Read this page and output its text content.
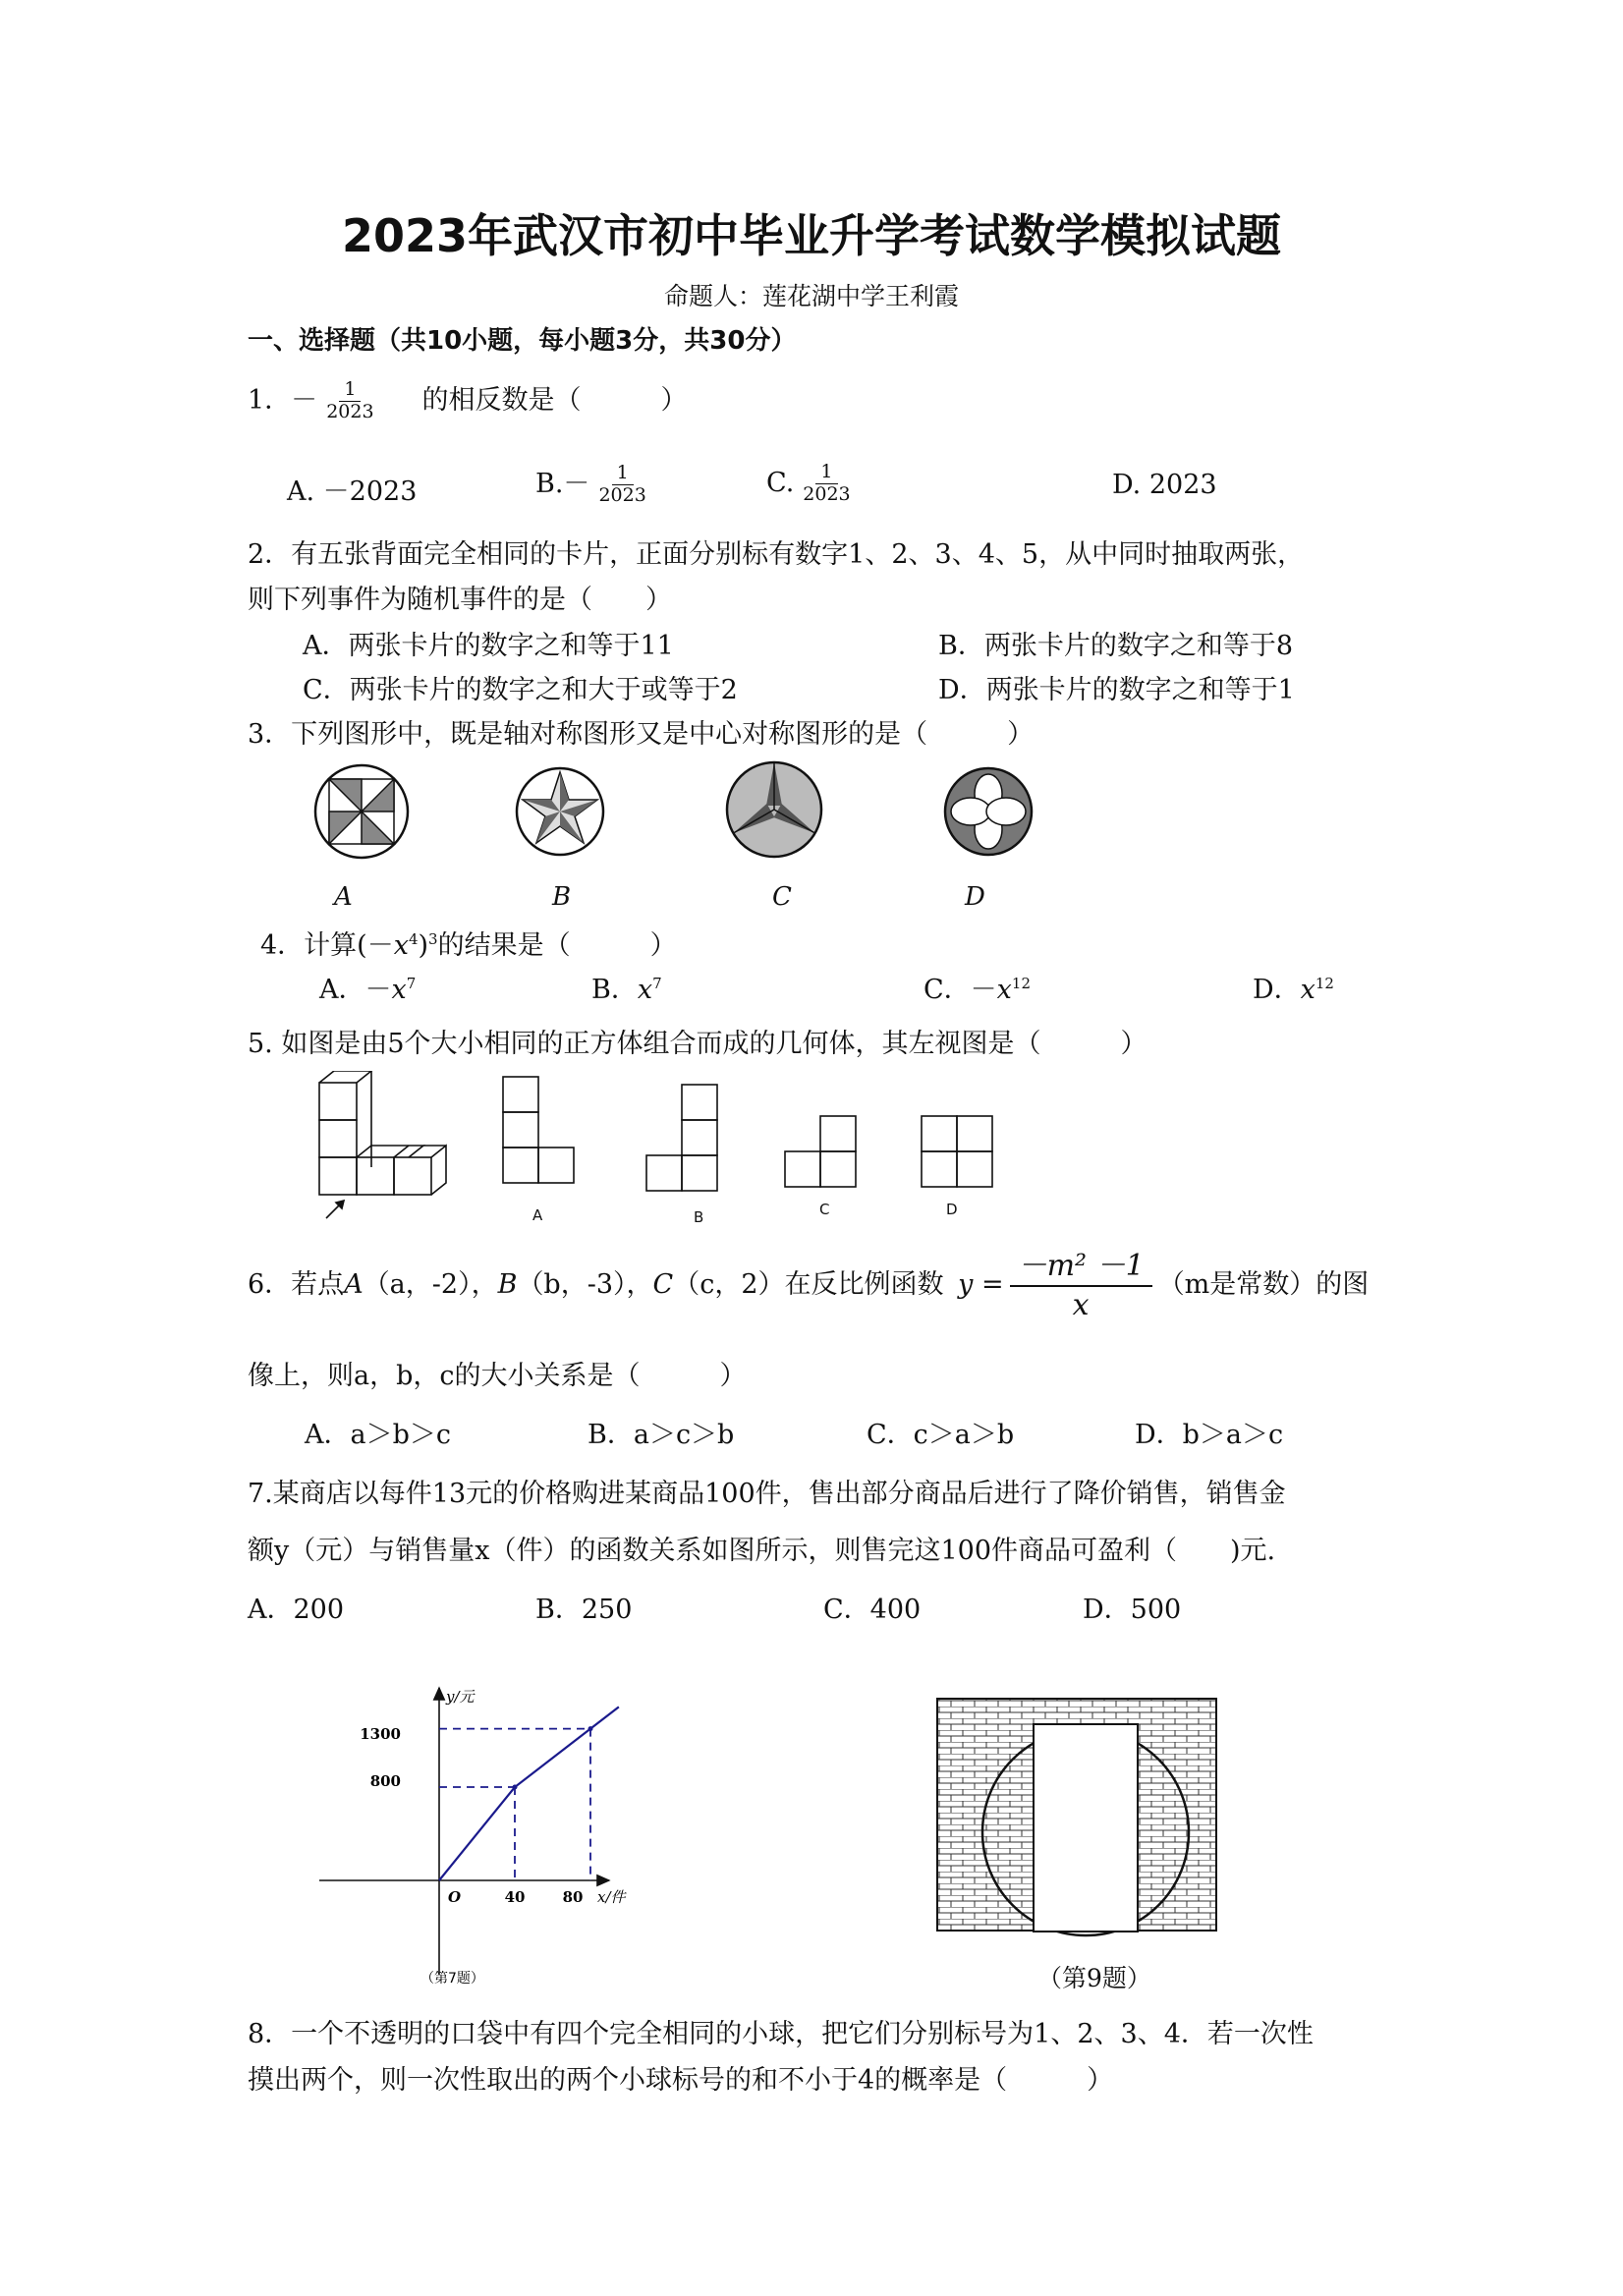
2023年武汉市初中毕业升学考试数学模拟试题
命题人：莲花湖中学王利霞
一、选择题（共10小题，每小题3分，共30分）
1．－ $\frac{1}{2023}$ 的相反数是（　　　）
A. －2023	$B.- \frac{1}{2023}$	C. $\frac{1}{2023}$	D. 2023
2．有五张背面完全相同的卡片，正面分别标有数字1、2、3、4、5，从中同时抽取两张，
则下列事件为随机事件的是（　　）
A．两张卡片的数字之和等于11	B．两张卡片的数字之和等于8
C．两张卡片的数字之和大于或等于2	D．两张卡片的数字之和等于1
3．下列图形中，既是轴对称图形又是中心对称图形的是（　　　）
A	B	C	D
4．计算$(-x^4)^3$的结果是（　　　）
A．$-x^7$	B．$x^7$	C．$-x^{12}$	D．$x^{12}$
5. 如图是由5个大小相同的正方体组合而成的几何体，其左视图是（　　　）
A	B	C	D
6．若点A（a，-2），B（b，-3），C（c，2）在反比例函数 $y = \frac{\text{－m² －1}}{x} (m$是常数）的图
像上，则a，b，c的大小关系是（　　　）
A．a＞b＞c	B．a＞c＞b	C．c＞a＞b	D．b＞a＞c
7.某商店以每件13元的价格购进某商品100件，售出部分商品后进行了降价销售，销售金
额y（元）与销售量x（件）的函数关系如图所示，则售完这100件商品可盈利（　　)元.
A．200	B．250	C．400	D．500
y/元
x/件
O
1300
800
40	80
（第7题）	（第9题）
8．一个不透明的口袋中有四个完全相同的小球，把它们分别标号为1、2、3、4．若一次性
摸出两个，则一次性取出的两个小球标号的和不小于4的概率是（　　　）
